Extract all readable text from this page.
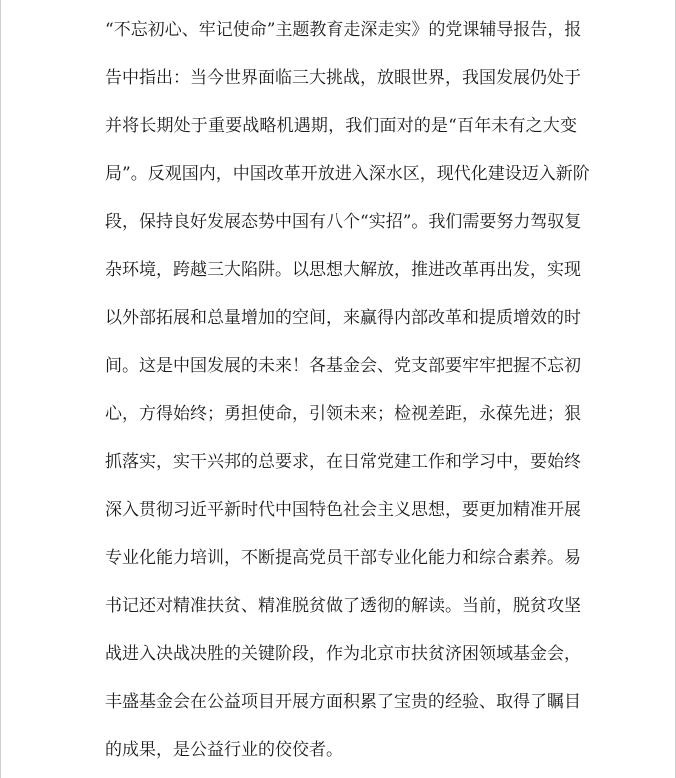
“不忘初心、牢记使命”主题教育走深走实》的党课辅导报告，报
告中指出：当今世界面临三大挑战，放眼世界，我国发展仍处于
并将长期处于重要战略机遇期，我们面对的是“百年未有之大变
局”。反观国内，中国改革开放进入深水区，现代化建设迈入新阶
段，保持良好发展态势中国有八个“实招”。我们需要努力驾驭复
杂环境，跨越三大陷阱。以思想大解放，推进改革再出发，实现
以外部拓展和总量增加的空间，来赢得内部改革和提质增效的时
间。这是中国发展的未来！各基金会、党支部要牢牢把握不忘初
心，方得始终；勇担使命，引领未来；检视差距，永葆先进；狠
抓落实，实干兴邦的总要求，在日常党建工作和学习中，要始终
深入贯彻习近平新时代中国特色社会主义思想，要更加精准开展
专业化能力培训，不断提高党员干部专业化能力和综合素养。易
书记还对精准扶贫、精准脱贫做了透彻的解读。当前，脱贫攻坚
战进入决战决胜的关键阶段，作为北京市扶贫济困领域基金会，
丰盛基金会在公益项目开展方面积累了宝贵的经验、取得了瞩目
的成果，是公益行业的佼佼者。
